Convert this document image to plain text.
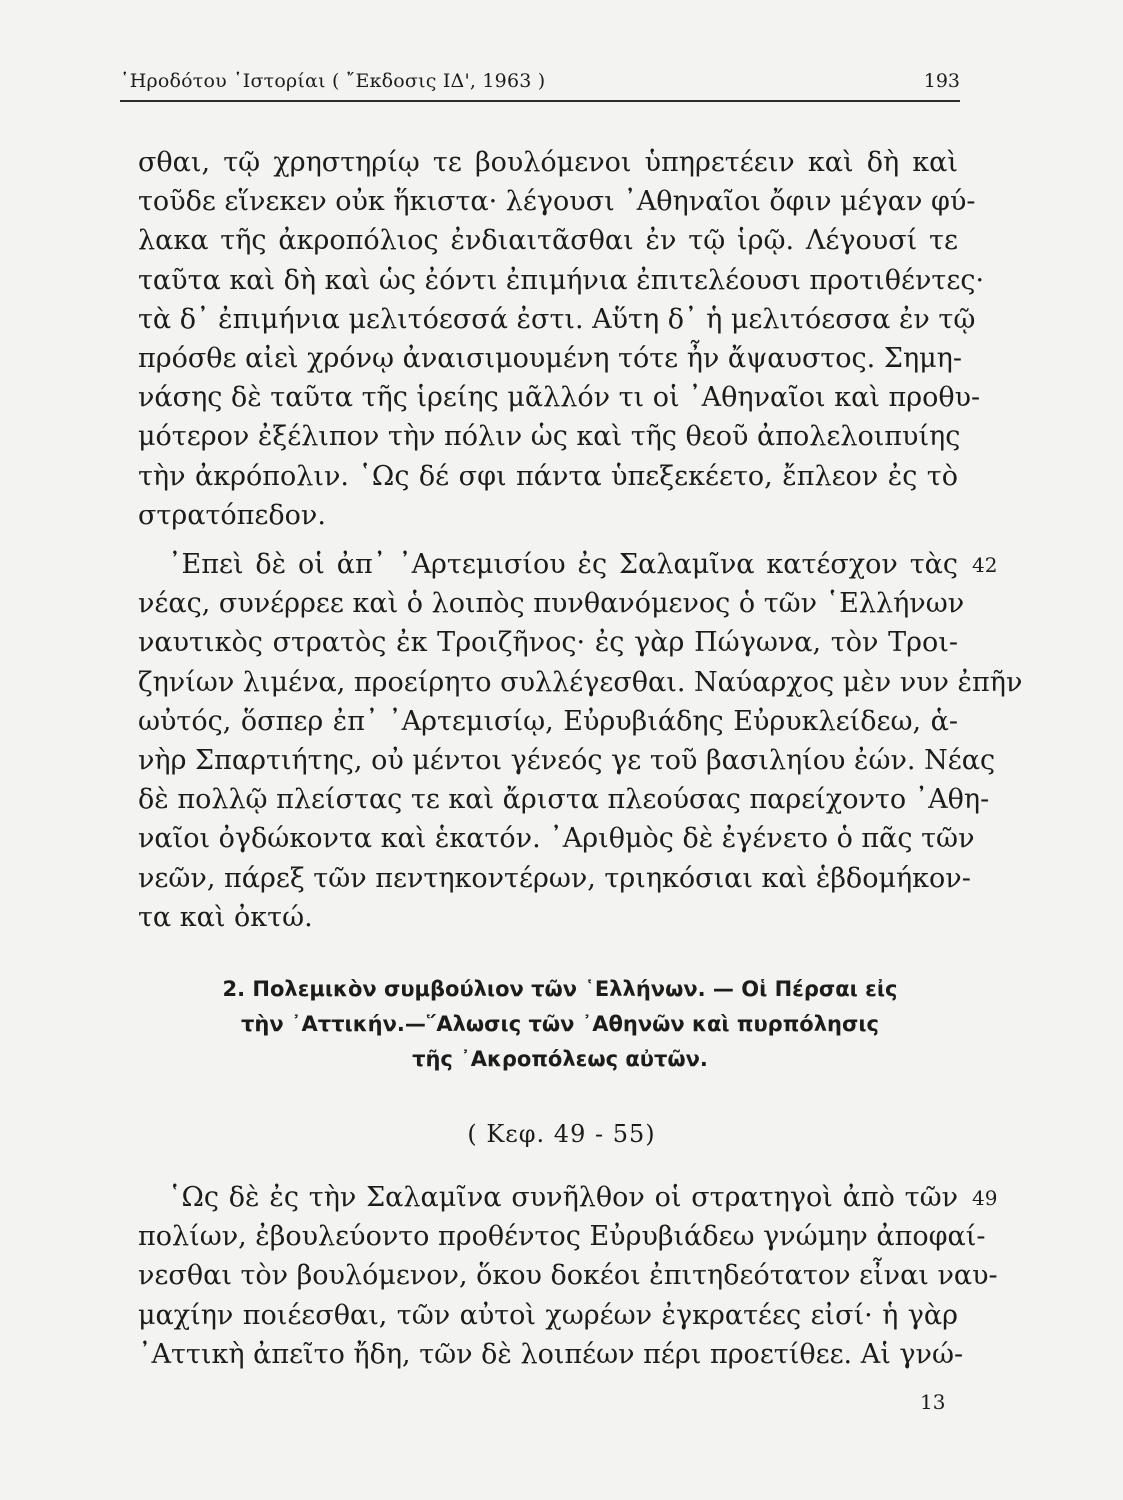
῾Ηροδότου ῾Ιστορίαι ( ῎Εκδοσις ΙΔ', 1963 )	193
σθαι, τῷ χρηστηρίῳ τε βουλόμενοι ὑπηρετέειν καὶ δὴ καὶ
τοῦδε εἵνεκεν οὐκ ἥκιστα· λέγουσι ᾿Αθηναῖοι ὄφιν μέγαν φύ-
λακα τῆς ἀκροπόλιος ἐνδιαιτᾶσθαι ἐν τῷ ἱρῷ. Λέγουσί τε
ταῦτα καὶ δὴ καὶ ὡς ἐόντι ἐπιμήνια ἐπιτελέουσι προτιθέντες·
τὰ δ᾿ ἐπιμήνια μελιτόεσσά ἐστι. Αὕτη δ᾿ ἡ μελιτόεσσα ἐν τῷ
πρόσθε αἰεὶ χρόνῳ ἀναισιμουμένη τότε ἦν ἄψαυστος. Σημη-
νάσης δὲ ταῦτα τῆς ἱρείης μᾶλλόν τι οἱ ᾿Αθηναῖοι καὶ προθυ-
μότερον ἐξέλιπον τὴν πόλιν ὡς καὶ τῆς θεοῦ ἀπολελοιπυίης
τὴν ἀκρόπολιν. ῾Ως δέ σφι πάντα ὑπεξεκέετο, ἔπλεον ἐς τὸ
στρατόπεδον.
᾿Επεὶ δὲ οἱ ἀπ᾿ ᾿Αρτεμισίου ἐς Σαλαμῖνα κατέσχον τὰς
νέας, συνέρρεε καὶ ὁ λοιπὸς πυνθανόμενος ὁ τῶν ῾Ελλήνων
ναυτικὸς στρατὸς ἐκ Τροιζῆνος· ἐς γὰρ Πώγωνα, τὸν Τροι-
ζηνίων λιμένα, προείρητο συλλέγεσθαι. Ναύαρχος μὲν νυν ἐπῆν
ωὐτός, ὅσπερ ἐπ᾿ ᾿Αρτεμισίῳ, Εὐρυβιάδης Εὐρυκλείδεω, ἁ-
νὴρ Σπαρτιήτης, οὐ μέντοι γένεός γε τοῦ βασιληίου ἐών. Νέας
δὲ πολλῷ πλείστας τε καὶ ἄριστα πλεούσας παρείχοντο ᾿Αθη-
ναῖοι ὀγδώκοντα καὶ ἑκατόν. ᾿Αριθμὸς δὲ ἐγένετο ὁ πᾶς τῶν
νεῶν, πάρεξ τῶν πεντηκοντέρων, τριηκόσιαι καὶ ἑβδομήκον-
τα καὶ ὀκτώ.
42
2. Πολεμικὸν συμβούλιον τῶν ῾Ελλήνων. — Οἱ Πέρσαι εἰς
τὴν ᾿Αττικήν.—῞Αλωσις τῶν ᾿Αθηνῶν καὶ πυρπόλησις
τῆς ᾿Ακροπόλεως αὐτῶν.
( Κεφ. 49 - 55)
῾Ως δὲ ἐς τὴν Σαλαμῖνα συνῆλθον οἱ στρατηγοὶ ἀπὸ τῶν
πολίων, ἐβουλεύοντο προθέντος Εὐρυβιάδεω γνώμην ἀποφαί-
νεσθαι τὸν βουλόμενον, ὅκου δοκέοι ἐπιτηδεότατον εἶναι ναυ-
μαχίην ποιέεσθαι, τῶν αὐτοὶ χωρέων ἐγκρατέες εἰσί· ἡ γὰρ
᾿Αττικὴ ἀπεῖτο ἤδη, τῶν δὲ λοιπέων πέρι προετίθεε. Αἱ γνώ-
49
13
